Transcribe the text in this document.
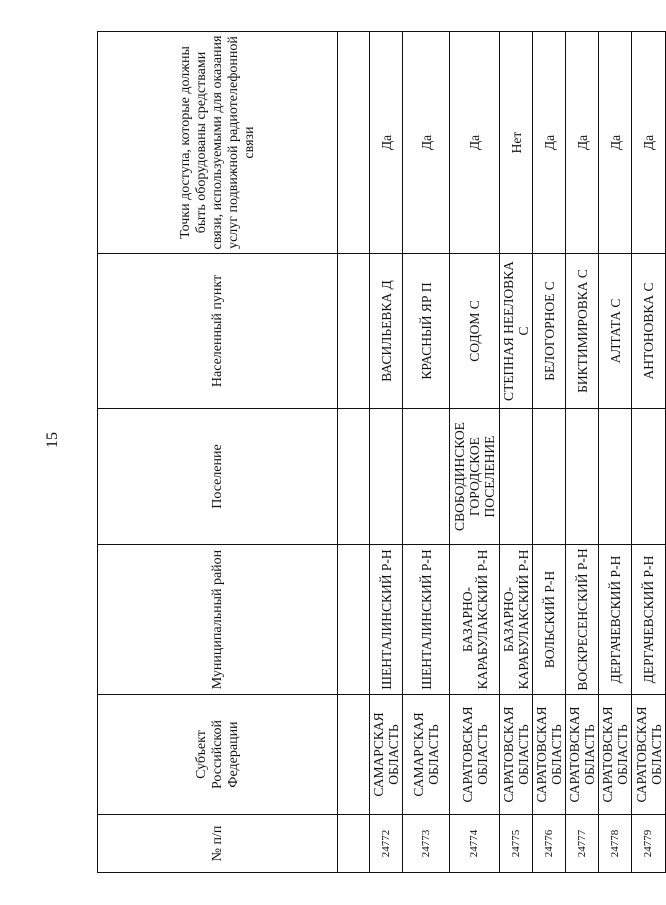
15
№ п/п	Субъект Российской Федерации	Муниципальный район	Поселение	Населенный пункт	Точки доступа, которые должны быть оборудованы средствами связи, используемыми для оказания услуг подвижной радиотелефонной связи

24772	САМАРСКАЯ ОБЛАСТЬ	ШЕНТАЛИНСКИЙ Р-Н		ВАСИЛЬЕВКА Д	Да
24773	САМАРСКАЯ ОБЛАСТЬ	ШЕНТАЛИНСКИЙ Р-Н		КРАСНЫЙ ЯР П	Да
24774	САРАТОВСКАЯ ОБЛАСТЬ	БАЗАРНО-КАРАБУЛАКСКИЙ Р-Н	СВОБОДИНСКОЕ ГОРОДСКОЕ ПОСЕЛЕНИЕ	СОДОМ С	Да
24775	САРАТОВСКАЯ ОБЛАСТЬ	БАЗАРНО-КАРАБУЛАКСКИЙ Р-Н		СТЕПНАЯ НЕЕЛОВКА С	Нет
24776	САРАТОВСКАЯ ОБЛАСТЬ	ВОЛЬСКИЙ Р-Н		БЕЛОГОРНОЕ С	Да
24777	САРАТОВСКАЯ ОБЛАСТЬ	ВОСКРЕСЕНСКИЙ Р-Н		БИКТИМИРОВКА С	Да
24778	САРАТОВСКАЯ ОБЛАСТЬ	ДЕРГАЧЕВСКИЙ Р-Н		АЛТАТА С	Да
24779	САРАТОВСКАЯ ОБЛАСТЬ	ДЕРГАЧЕВСКИЙ Р-Н		АНТОНОВКА С	Да
